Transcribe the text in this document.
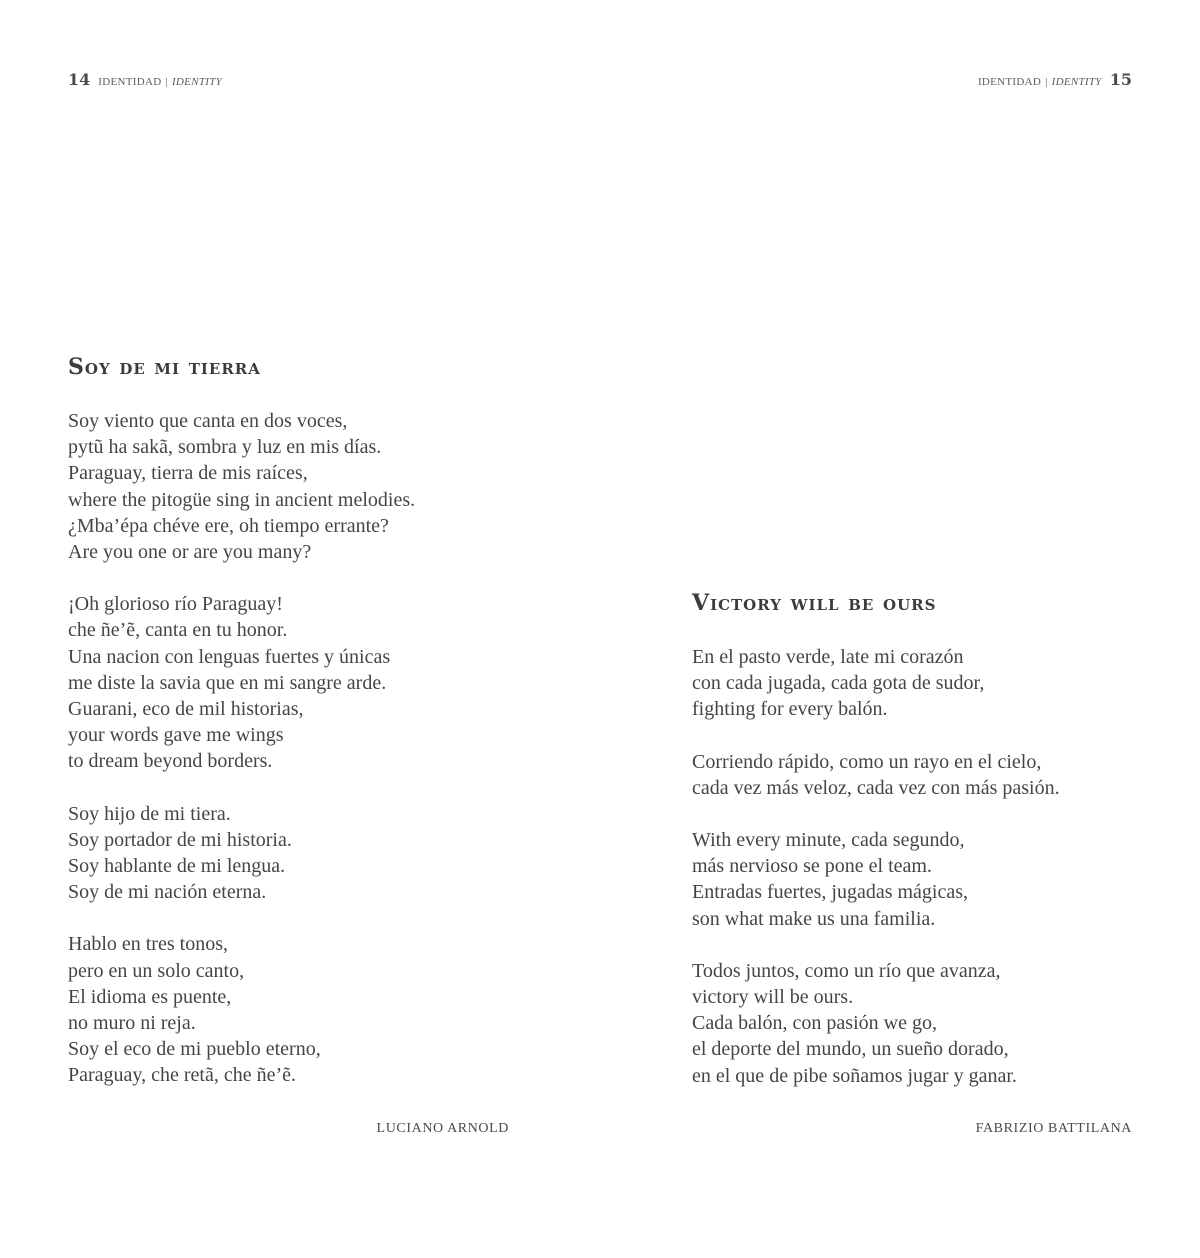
14 IDENTIDAD | IDENTITY
Soy de mi tierra
Soy viento que canta en dos voces,
pytũ ha sakã, sombra y luz en mis días.
Paraguay, tierra de mis raíces,
where the pitogüe sing in ancient melodies.
¿Mba’épa chéve ere, oh tiempo errante?
Are you one or are you many?
¡Oh glorioso río Paraguay!
che ñe’ẽ, canta en tu honor.
Una nacion con lenguas fuertes y únicas
me diste la savia que en mi sangre arde.
Guarani, eco de mil historias,
your words gave me wings
to dream beyond borders.
Soy hijo de mi tiera.
Soy portador de mi historia.
Soy hablante de mi lengua.
Soy de mi nación eterna.
Hablo en tres tonos,
pero en un solo canto,
El idioma es puente,
no muro ni reja.
Soy el eco de mi pueblo eterno,
Paraguay, che retã, che ñe’ẽ.
LUCIANO ARNOLD
IDENTIDAD | IDENTITY 15
Victory will be ours
En el pasto verde, late mi corazón
con cada jugada, cada gota de sudor,
fighting for every balón.
Corriendo rápido, como un rayo en el cielo,
cada vez más veloz, cada vez con más pasión.
With every minute, cada segundo,
más nervioso se pone el team.
Entradas fuertes, jugadas mágicas,
son what make us una familia.
Todos juntos, como un río que avanza,
victory will be ours.
Cada balón, con pasión we go,
el deporte del mundo, un sueño dorado,
en el que de pibe soñamos jugar y ganar.
FABRIZIO BATTILANA
